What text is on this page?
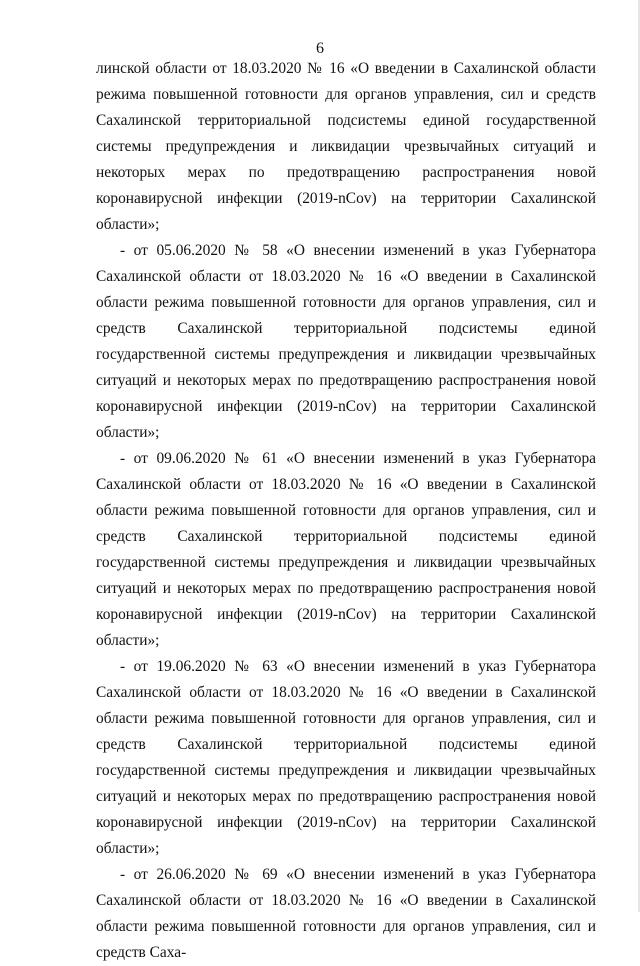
6

линской области от 18.03.2020 № 16 «О введении в Сахалинской области режима повышенной готовности для органов управления, сил и средств Сахалинской территориальной подсистемы единой государственной системы предупреждения и ликвидации чрезвычайных ситуаций и некоторых мерах по предотвращению распространения новой коронавирусной инфекции (2019-nCov) на территории Сахалинской области»;

- от 05.06.2020 № 58 «О внесении изменений в указ Губернатора Сахалинской области от 18.03.2020 № 16 «О введении в Сахалинской области режима повышенной готовности для органов управления, сил и средств Сахалинской территориальной подсистемы единой государственной системы предупреждения и ликвидации чрезвычайных ситуаций и некоторых мерах по предотвращению распространения новой коронавирусной инфекции (2019-nCov) на территории Сахалинской области»;

- от 09.06.2020 № 61 «О внесении изменений в указ Губернатора Сахалинской области от 18.03.2020 № 16 «О введении в Сахалинской области режима повышенной готовности для органов управления, сил и средств Сахалинской территориальной подсистемы единой государственной системы предупреждения и ликвидации чрезвычайных ситуаций и некоторых мерах по предотвращению распространения новой коронавирусной инфекции (2019-nCov) на территории Сахалинской области»;

- от 19.06.2020 № 63 «О внесении изменений в указ Губернатора Сахалинской области от 18.03.2020 № 16 «О введении в Сахалинской области режима повышенной готовности для органов управления, сил и средств Сахалинской территориальной подсистемы единой государственной системы предупреждения и ликвидации чрезвычайных ситуаций и некоторых мерах по предотвращению распространения новой коронавирусной инфекции (2019-nCov) на территории Сахалинской области»;

- от 26.06.2020 № 69 «О внесении изменений в указ Губернатора Сахалинской области от 18.03.2020 № 16 «О введении в Сахалинской области режима повышенной готовности для органов управления, сил и средств Саха-
